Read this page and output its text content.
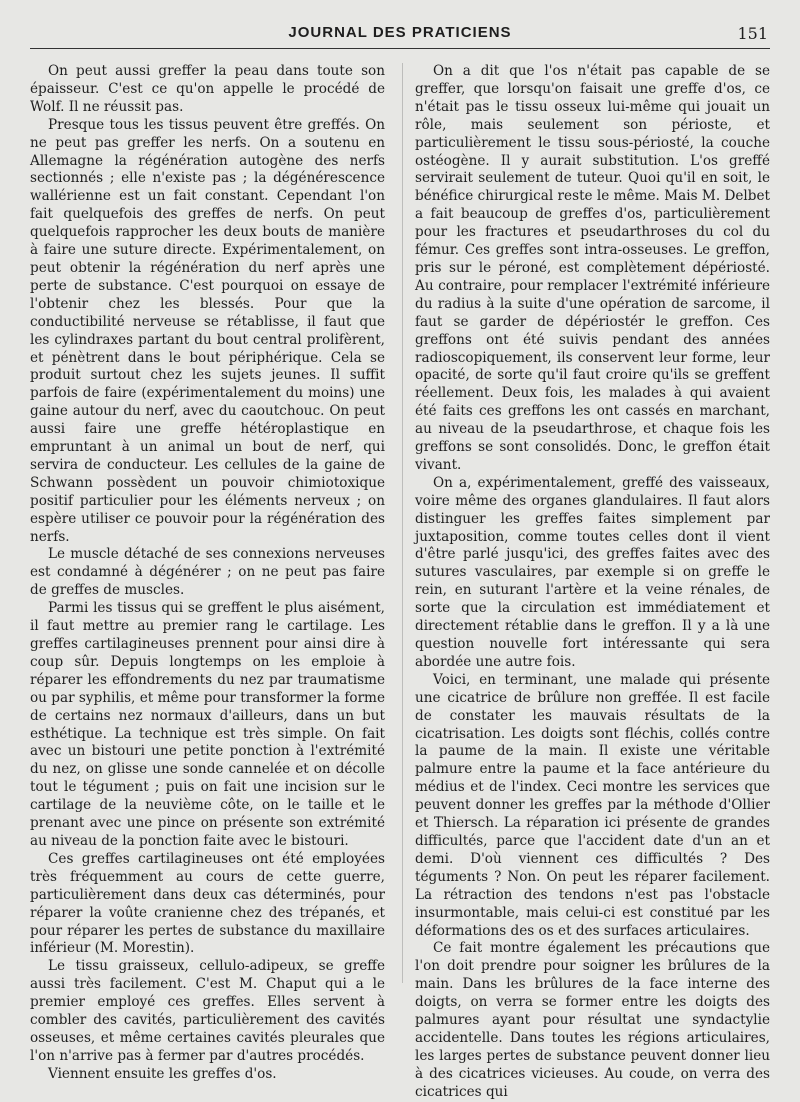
JOURNAL DES PRATICIENS	151

On peut aussi greffer la peau dans toute son épaisseur. C'est ce qu'on appelle le procédé de Wolf. Il ne réussit pas.

Presque tous les tissus peuvent être greffés. On ne peut pas greffer les nerfs. On a soutenu en Allemagne la régénération autogène des nerfs sectionnés ; elle n'existe pas ; la dégénérescence wallérienne est un fait constant. Cependant l'on fait quelquefois des greffes de nerfs. On peut quelquefois rapprocher les deux bouts de manière à faire une suture directe. Expérimentalement, on peut obtenir la régénération du nerf après une perte de substance. C'est pourquoi on essaye de l'obtenir chez les blessés. Pour que la conductibilité nerveuse se rétablisse, il faut que les cylindraxes partant du bout central prolifèrent, et pénètrent dans le bout périphérique. Cela se produit surtout chez les sujets jeunes. Il suffit parfois de faire (expérimentalement du moins) une gaine autour du nerf, avec du caoutchouc. On peut aussi faire une greffe hétéroplastique en empruntant à un animal un bout de nerf, qui servira de conducteur. Les cellules de la gaine de Schwann possèdent un pouvoir chimiotoxique positif particulier pour les éléments nerveux ; on espère utiliser ce pouvoir pour la régénération des nerfs.

Le muscle détaché de ses connexions nerveuses est condamné à dégénérer ; on ne peut pas faire de greffes de muscles.

Parmi les tissus qui se greffent le plus aisément, il faut mettre au premier rang le cartilage. Les greffes cartilagineuses prennent pour ainsi dire à coup sûr. Depuis longtemps on les emploie à réparer les effondrements du nez par traumatisme ou par syphilis, et même pour transformer la forme de certains nez normaux d'ailleurs, dans un but esthétique. La technique est très simple. On fait avec un bistouri une petite ponction à l'extrémité du nez, on glisse une sonde cannelée et on décolle tout le tégument ; puis on fait une incision sur le cartilage de la neuvième côte, on le taille et le prenant avec une pince on présente son extrémité au niveau de la ponction faite avec le bistouri.

Ces greffes cartilagineuses ont été employées très fréquemment au cours de cette guerre, particulièrement dans deux cas déterminés, pour réparer la voûte cranienne chez des trépanés, et pour réparer les pertes de substance du maxillaire inférieur (M. Morestin).

Le tissu graisseux, cellulo-adipeux, se greffe aussi très facilement. C'est M. Chaput qui a le premier employé ces greffes. Elles servent à combler des cavités, particulièrement des cavités osseuses, et même certaines cavités pleurales que l'on n'arrive pas à fermer par d'autres procédés.

Viennent ensuite les greffes d'os.

On a dit que l'os n'était pas capable de se greffer, que lorsqu'on faisait une greffe d'os, ce n'était pas le tissu osseux lui-même qui jouait un rôle, mais seulement son périoste, et particulièrement le tissu sous-périosté, la couche ostéogène. Il y aurait substitution. L'os greffé servirait seulement de tuteur. Quoi qu'il en soit, le bénéfice chirurgical reste le même. Mais M. Delbet a fait beaucoup de greffes d'os, particulièrement pour les fractures et pseudarthroses du col du fémur. Ces greffes sont intra-osseuses. Le greffon, pris sur le péroné, est complètement dépériosté. Au contraire, pour remplacer l'extrémité inférieure du radius à la suite d'une opération de sarcome, il faut se garder de dépériostér le greffon. Ces greffons ont été suivis pendant des années radioscopiquement, ils conservent leur forme, leur opacité, de sorte qu'il faut croire qu'ils se greffent réellement. Deux fois, les malades à qui avaient été faits ces greffons les ont cassés en marchant, au niveau de la pseudarthrose, et chaque fois les greffons se sont consolidés. Donc, le greffon était vivant.

On a, expérimentalement, greffé des vaisseaux, voire même des organes glandulaires. Il faut alors distinguer les greffes faites simplement par juxtaposition, comme toutes celles dont il vient d'être parlé jusqu'ici, des greffes faites avec des sutures vasculaires, par exemple si on greffe le rein, en suturant l'artère et la veine rénales, de sorte que la circulation est immédiatement et directement rétablie dans le greffon. Il y a là une question nouvelle fort intéressante qui sera abordée une autre fois.

Voici, en terminant, une malade qui présente une cicatrice de brûlure non greffée. Il est facile de constater les mauvais résultats de la cicatrisation. Les doigts sont fléchis, collés contre la paume de la main. Il existe une véritable palmure entre la paume et la face antérieure du médius et de l'index. Ceci montre les services que peuvent donner les greffes par la méthode d'Ollier et Thiersch. La réparation ici présente de grandes difficultés, parce que l'accident date d'un an et demi. D'où viennent ces difficultés ? Des téguments ? Non. On peut les réparer facilement. La rétraction des tendons n'est pas l'obstacle insurmontable, mais celui-ci est constitué par les déformations des os et des surfaces articulaires.

Ce fait montre également les précautions que l'on doit prendre pour soigner les brûlures de la main. Dans les brûlures de la face interne des doigts, on verra se former entre les doigts des palmures ayant pour résultat une syndactylie accidentelle. Dans toutes les régions articulaires, les larges pertes de substance peuvent donner lieu à des cicatrices vicieuses. Au coude, on verra des cicatrices qui
